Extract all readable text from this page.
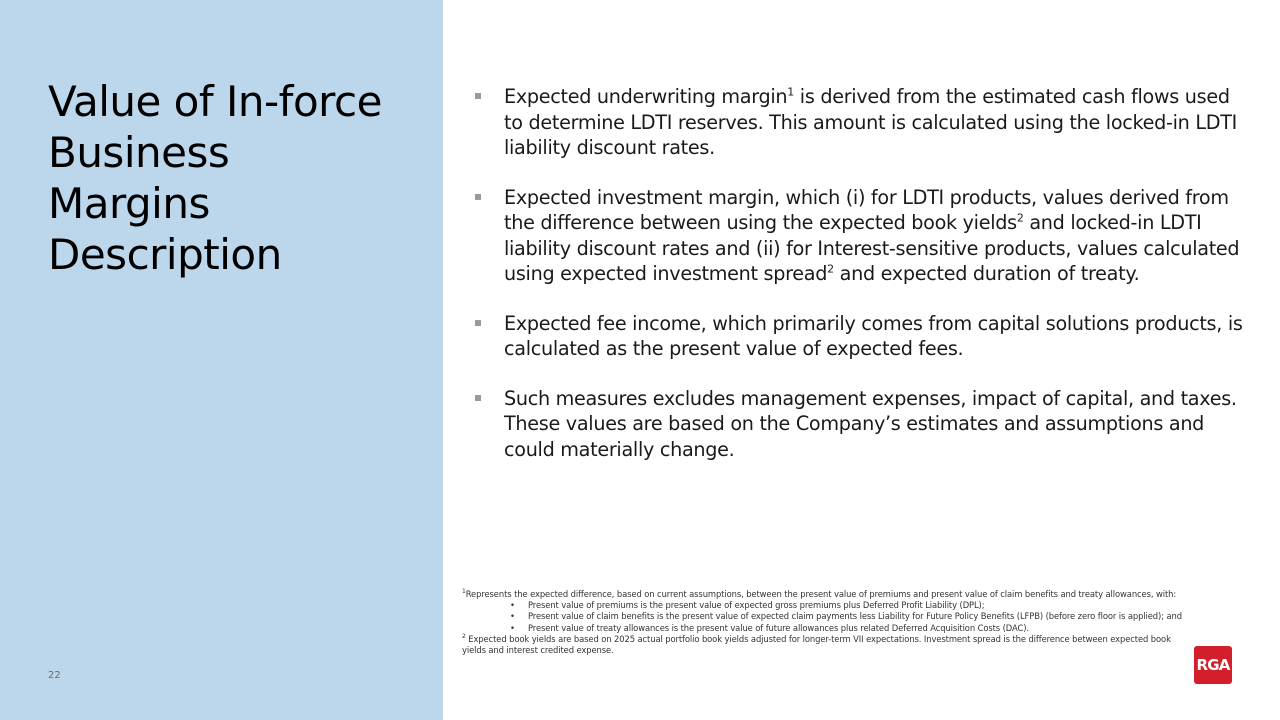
Value of In-force
Business
Margins
Description
22
Expected underwriting margin$^1$ is derived from the estimated cash flows used to determine LDTI reserves. This amount is calculated using the locked-in LDTI liability discount rates.
Expected investment margin, which (i) for LDTI products, values derived from the difference between using the expected book yields$^2$ and locked-in LDTI liability discount rates and (ii) for Interest-sensitive products, values calculated using expected investment spread$^2$ and expected duration of treaty.
Expected fee income, which primarily comes from capital solutions products, is calculated as the present value of expected fees.
Such measures excludes management expenses, impact of capital, and taxes. These values are based on the Company’s estimates and assumptions and could materially change.
$^1$Represents the expected difference, based on current assumptions, between the present value of premiums and present value of claim benefits and treaty allowances, with:
• Present value of premiums is the present value of expected gross premiums plus Deferred Profit Liability (DPL);
• Present value of claim benefits is the present value of expected claim payments less Liability for Future Policy Benefits (LFPB) (before zero floor is applied); and
• Present value of treaty allowances is the present value of future allowances plus related Deferred Acquisition Costs (DAC).
$^2$ Expected book yields are based on 2025 actual portfolio book yields adjusted for longer-term VII expectations. Investment spread is the difference between expected book yields and interest credited expense.
RGA
